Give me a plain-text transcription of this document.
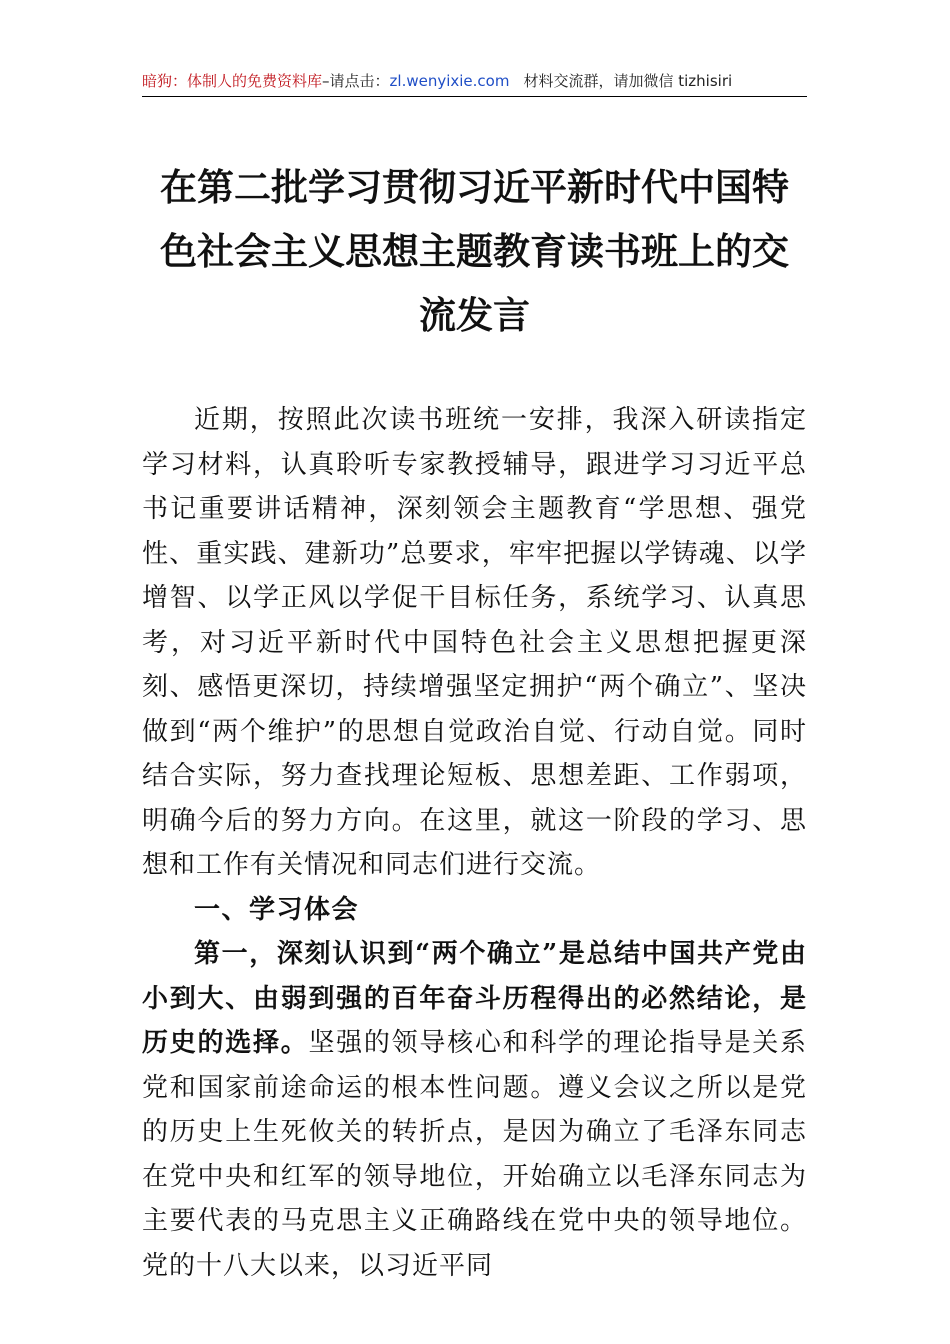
暗狗：体制人的免费资料库–请点击：zl.wenyixie.com 材料交流群，请加微信 tizhisiri
在第二批学习贯彻习近平新时代中国特色社会主义思想主题教育读书班上的交流发言

近期，按照此次读书班统一安排，我深入研读指定学习材料，认真聆听专家教授辅导，跟进学习习近平总书记重要讲话精神，深刻领会主题教育“学思想、强党性、重实践、建新功”总要求，牢牢把握以学铸魂、以学增智、以学正风以学促干目标任务，系统学习、认真思考，对习近平新时代中国特色社会主义思想把握更深刻、感悟更深切，持续增强坚定拥护“两个确立”、坚决做到“两个维护”的思想自觉政治自觉、行动自觉。同时结合实际，努力查找理论短板、思想差距、工作弱项，明确今后的努力方向。在这里，就这一阶段的学习、思想和工作有关情况和同志们进行交流。

一、学习体会

第一，深刻认识到“两个确立”是总结中国共产党由小到大、由弱到强的百年奋斗历程得出的必然结论，是历史的选择。坚强的领导核心和科学的理论指导是关系党和国家前途命运的根本性问题。遵义会议之所以是党的历史上生死攸关的转折点，是因为确立了毛泽东同志在党中央和红军的领导地位，开始确立以毛泽东同志为主要代表的马克思主义正确路线在党中央的领导地位。党的十八大以来，以习近平同
